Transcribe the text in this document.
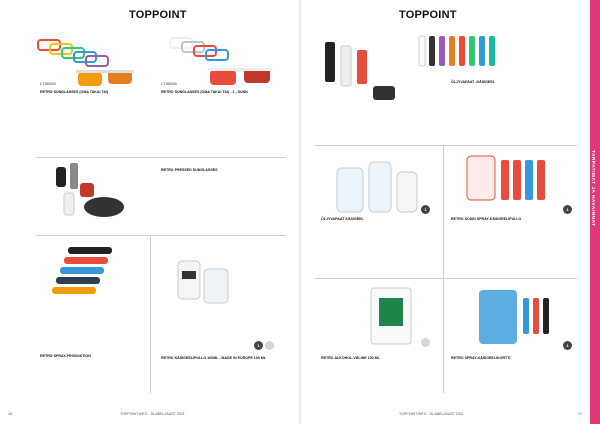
TOPPOINT
LT86655	LT86658
RETRO SUNGLASSES (OMA TAKAI TAI)	RETRO SUNGLASSES (OMA TAKAI TAI) - 1 - SUNN
RETRO PRESSED SUNGLASSES
1
RETRO SPRAY-PRODUKTION	RETRO KÄSIGEELIPULLO 100ML - MADE IN EUROPE 100 ML
16	TOPPOINT.INFO - DLABELJAUST 2021
TOPPOINT
ÖLJYVAPAAT -KÄSIGEEL
1	1
ÖLJYVAPAAT KÄSIGEEL	RETRO SOSIN SPRAY-KÄSIGEELIPULLO
1
RETRO ALKOHOL-VÄLINE 100 ML	RETRO SPRAY-KÄSIGEELIKORTTI
TOPPOINT.INFO - DLABELJAUST 2021	17
TARPATIMAT JA HAVAINNAT
